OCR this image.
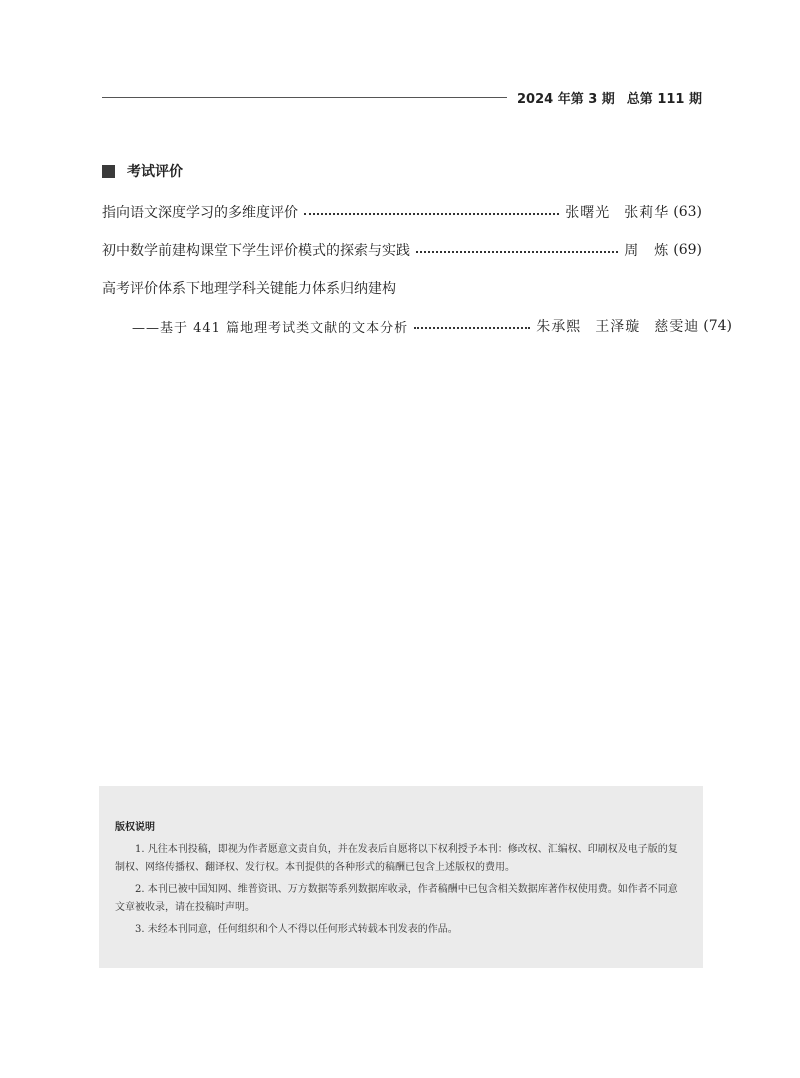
2024 年第 3 期 总第 111 期
考试评价
指向语文深度学习的多维度评价	张曙光 张莉华 (63)
初中数学前建构课堂下学生评价模式的探索与实践	周　炼 (69)
高考评价体系下地理学科关键能力体系归纳建构
——基于 441 篇地理考试类文献的文本分析	朱承熙 王泽璇 慈雯迪 (74)
版权说明

1. 凡往本刊投稿，即视为作者愿意文责自负，并在发表后自愿将以下权利授予本刊：修改权、汇编权、印刷权及电子版的复制权、网络传播权、翻译权、发行权。本刊提供的各种形式的稿酬已包含上述版权的费用。

2. 本刊已被中国知网、维普资讯、万方数据等系列数据库收录，作者稿酬中已包含相关数据库著作权使用费。如作者不同意文章被收录，请在投稿时声明。

3. 未经本刊同意，任何组织和个人不得以任何形式转载本刊发表的作品。
